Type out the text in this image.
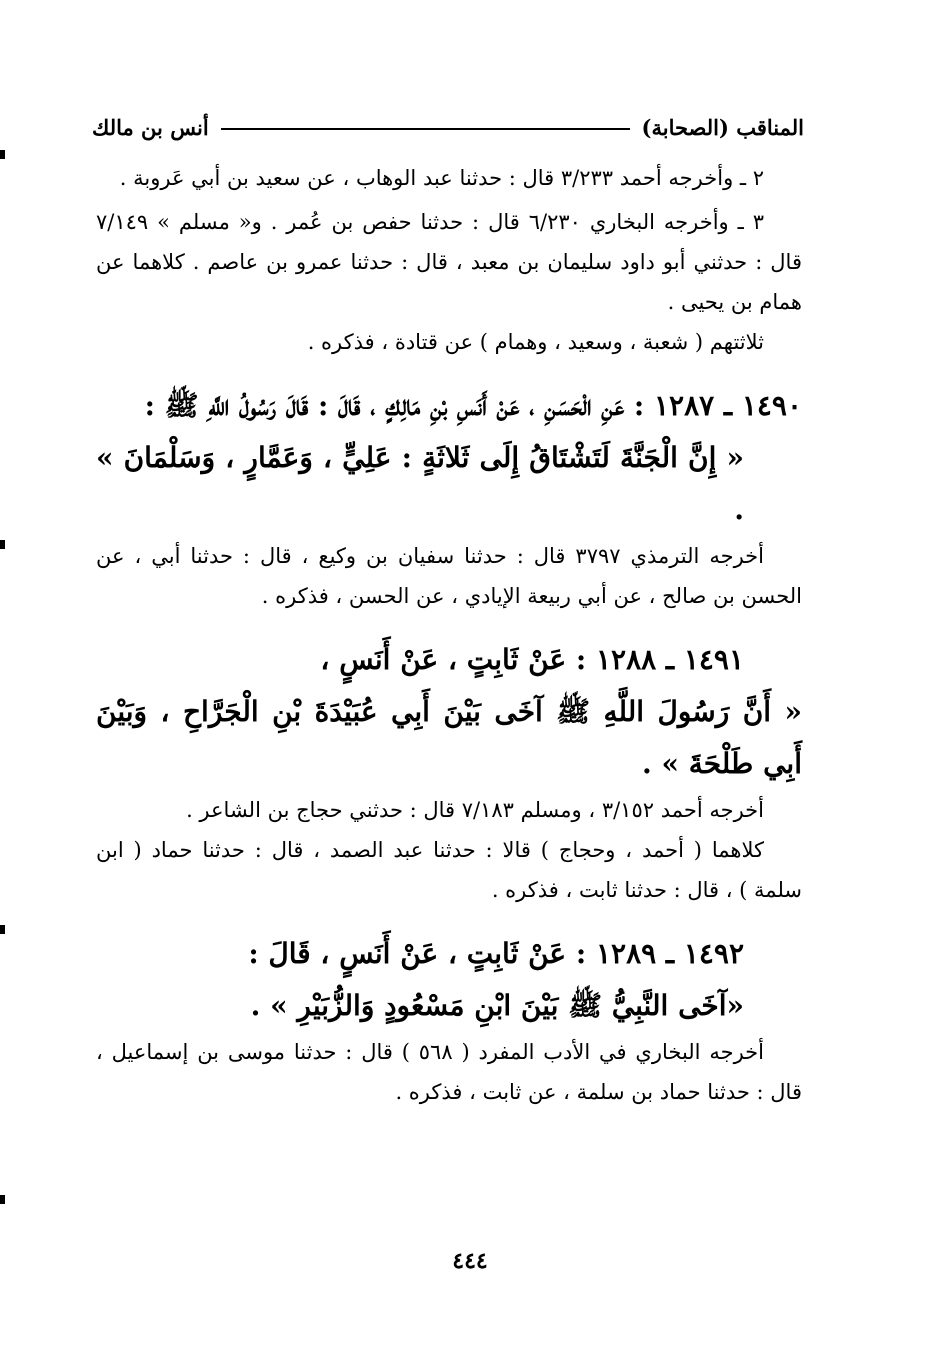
المناقب (الصحابة)
أنس بن مالك

٢ ـ وأخرجه أحمد ٣/٢٣٣ قال : حدثنا عبد الوهاب ، عن سعيد بن أبي عَروبة .

٣ ـ وأخرجه البخاري ٦/٢٣٠ قال : حدثنا حفص بن عُمر . و« مسلم » ٧/١٤٩ قال : حدثني أبو داود سليمان بن معبد ، قال : حدثنا عمرو بن عاصم . كلاهما عن همام بن يحيى .

ثلاثتهم ( شعبة ، وسعيد ، وهمام ) عن قتادة ، فذكره .

١٤٩٠ ـ ١٢٨٧ : عَنِ الْحَسَنِ ، عَنْ أَنَسِ بْنِ مَالِكٍ ، قَالَ : قَالَ رَسُولُ اللَّهِ ﷺ :

« إِنَّ الْجَنَّةَ لَتَشْتَاقُ إِلَى ثَلاثَةٍ : عَلِيٍّ ، وَعَمَّارٍ ، وَسَلْمَانَ » .

أخرجه الترمذي ٣٧٩٧ قال : حدثنا سفيان بن وكيع ، قال : حدثنا أبي ، عن الحسن بن صالح ، عن أبي ربيعة الإيادي ، عن الحسن ، فذكره .

١٤٩١ ـ ١٢٨٨ : عَنْ ثَابِتٍ ، عَنْ أَنَسٍ ،

« أَنَّ رَسُولَ اللَّهِ ﷺ آخَى بَيْنَ أَبِي عُبَيْدَةَ بْنِ الْجَرَّاحِ ، وَبَيْنَ أَبِي طَلْحَةَ » .

أخرجه أحمد ٣/١٥٢ ، ومسلم ٧/١٨٣ قال : حدثني حجاج بن الشاعر .

كلاهما ( أحمد ، وحجاج ) قالا : حدثنا عبد الصمد ، قال : حدثنا حماد ( ابن سلمة ) ، قال : حدثنا ثابت ، فذكره .

١٤٩٢ ـ ١٢٨٩ : عَنْ ثَابِتٍ ، عَنْ أَنَسٍ ، قَالَ :

«آخَى النَّبِيُّ ﷺ بَيْنَ ابْنِ مَسْعُودٍ وَالزُّبَيْرِ » .

أخرجه البخاري في الأدب المفرد ( ٥٦٨ ) قال : حدثنا موسى بن إسماعيل ، قال : حدثنا حماد بن سلمة ، عن ثابت ، فذكره .

٤٤٤
